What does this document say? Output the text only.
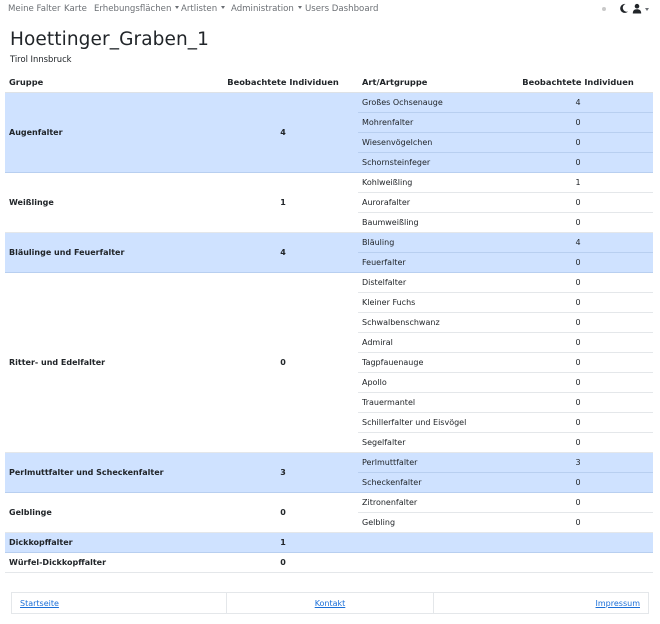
Meine Falter Karte Erhebungsflächen	Artlisten	Administration	Users Dashboard
Hoettinger_Graben_1
Tirol Innsbruck
Gruppe	Beobachtete Individuen	Art/Artgruppe	Beobachtete Individuen
Augenfalter	4	Großes Ochsenauge	4
		Mohrenfalter	0
		Wiesenvögelchen	0
		Schornsteinfeger	0
Weißlinge	1	Kohlweißling	1
		Aurorafalter	0
		Baumweißling	0
Bläulinge und Feuerfalter	4	Bläuling	4
		Feuerfalter	0
Ritter- und Edelfalter	0	Distelfalter	0
		Kleiner Fuchs	0
		Schwalbenschwanz	0
		Admiral	0
		Tagpfauenauge	0
		Apollo	0
		Trauermantel	0
		Schillerfalter und Eisvögel	0
		Segelfalter	0
Perlmuttfalter und Scheckenfalter	3	Perlmuttfalter	3
		Scheckenfalter	0
Gelblinge	0	Zitronenfalter	0
		Gelbling	0
Dickkopffalter	1		
Würfel-Dickkopffalter	0		
Startseite	Kontakt	Impressum
